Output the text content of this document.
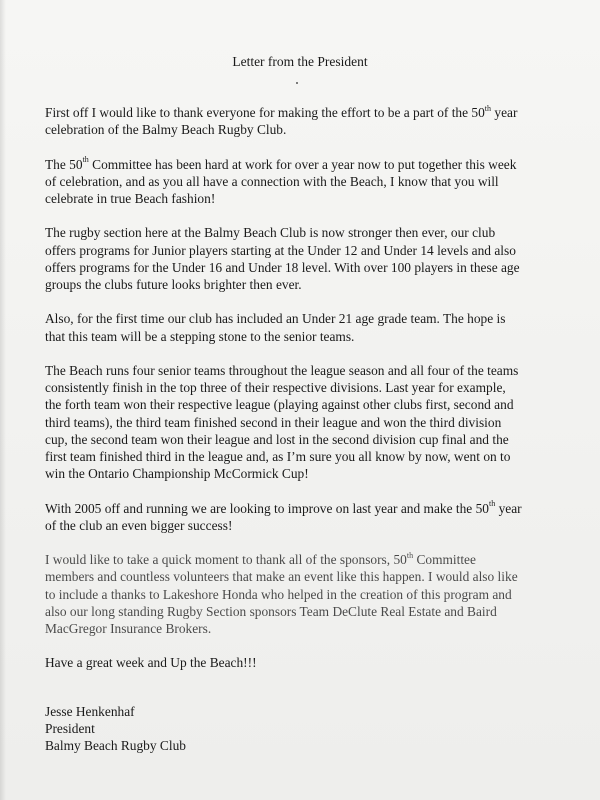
Letter from the President

First off I would like to thank everyone for making the effort to be a part of the 50th year
celebration of the Balmy Beach Rugby Club.

The 50th Committee has been hard at work for over a year now to put together this week
of celebration, and as you all have a connection with the Beach, I know that you will
celebrate in true Beach fashion!

The rugby section here at the Balmy Beach Club is now stronger then ever, our club
offers programs for Junior players starting at the Under 12 and Under 14 levels and also
offers programs for the Under 16 and Under 18 level. With over 100 players in these age
groups the clubs future looks brighter then ever.

Also, for the first time our club has included an Under 21 age grade team. The hope is
that this team will be a stepping stone to the senior teams.

The Beach runs four senior teams throughout the league season and all four of the teams
consistently finish in the top three of their respective divisions. Last year for example,
the forth team won their respective league (playing against other clubs first, second and
third teams), the third team finished second in their league and won the third division
cup, the second team won their league and lost in the second division cup final and the
first team finished third in the league and, as I’m sure you all know by now, went on to
win the Ontario Championship McCormick Cup!

With 2005 off and running we are looking to improve on last year and make the 50th year
of the club an even bigger success!

I would like to take a quick moment to thank all of the sponsors, 50th Committee
members and countless volunteers that make an event like this happen. I would also like
to include a thanks to Lakeshore Honda who helped in the creation of this program and
also our long standing Rugby Section sponsors Team DeClute Real Estate and Baird
MacGregor Insurance Brokers.

Have a great week and Up the Beach!!!

Jesse Henkenhaf
President
Balmy Beach Rugby Club
